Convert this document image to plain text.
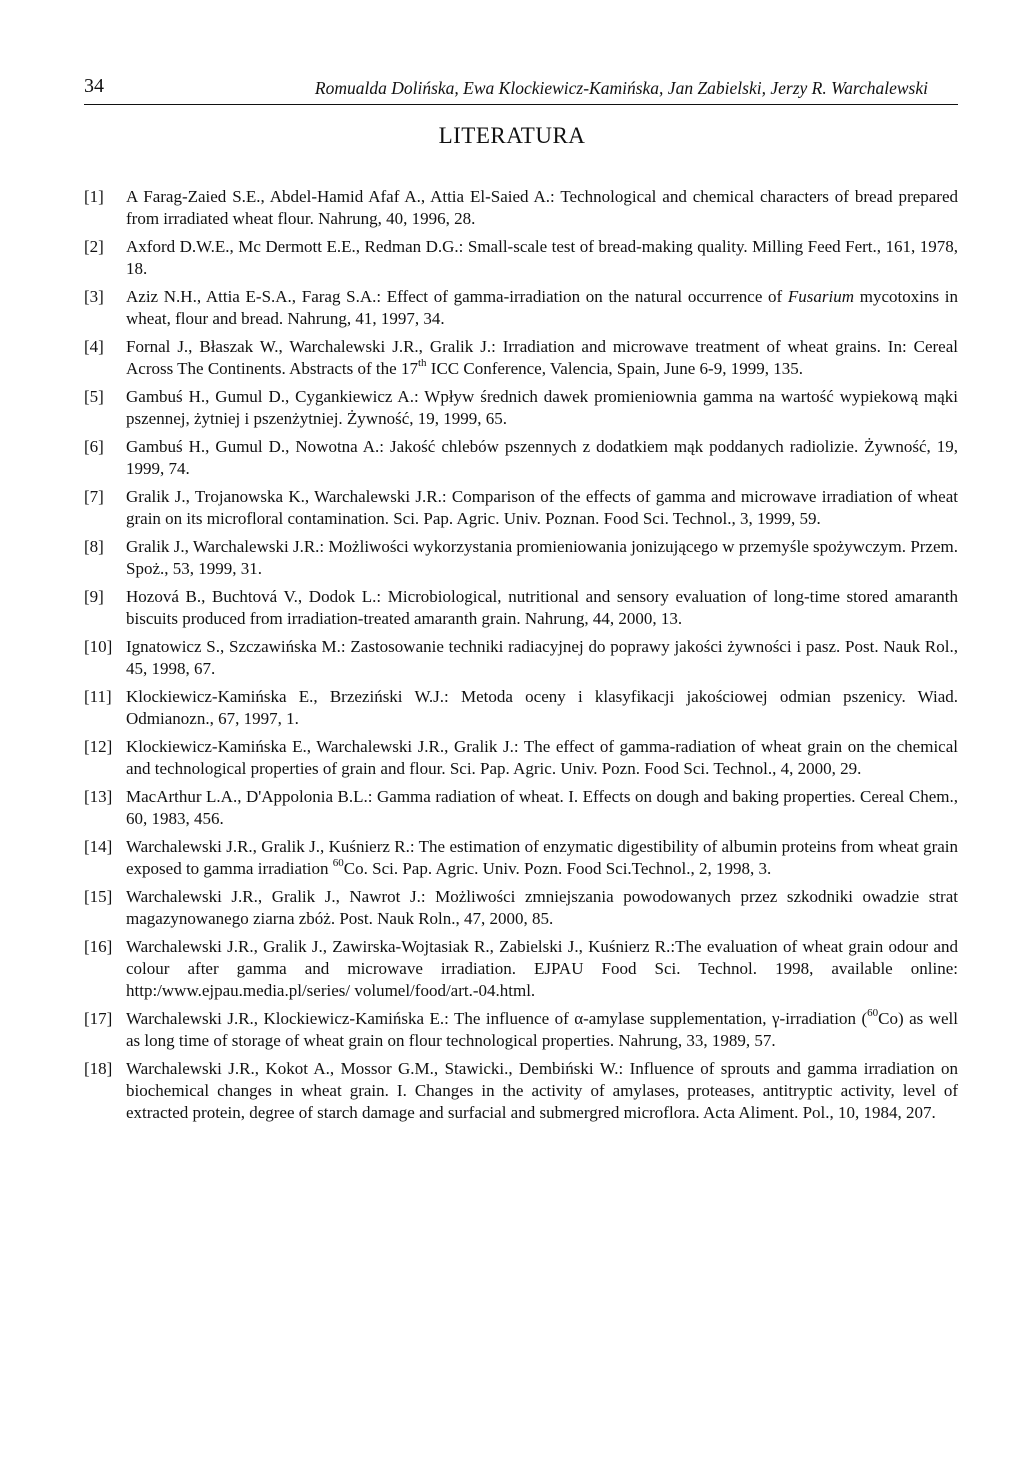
34	Romualda Dolińska, Ewa Klockiewicz-Kamińska, Jan Zabielski, Jerzy R. Warchalewski
LITERATURA
[1] A Farag-Zaied S.E., Abdel-Hamid Afaf A., Attia El-Saied A.: Technological and chemical characters of bread prepared from irradiated wheat flour. Nahrung, 40, 1996, 28.
[2] Axford D.W.E., Mc Dermott E.E., Redman D.G.: Small-scale test of bread-making quality. Milling Feed Fert., 161, 1978, 18.
[3] Aziz N.H., Attia E-S.A., Farag S.A.: Effect of gamma-irradiation on the natural occurrence of Fusarium mycotoxins in wheat, flour and bread. Nahrung, 41, 1997, 34.
[4] Fornal J., Błaszak W., Warchalewski J.R., Gralik J.: Irradiation and microwave treatment of wheat grains. In: Cereal Across The Continents. Abstracts of the 17th ICC Conference, Valencia, Spain, June 6-9, 1999, 135.
[5] Gambuś H., Gumul D., Cygankiewicz A.: Wpływ średnich dawek promieniownia gamma na wartość wypiekową mąki pszennej, żytniej i pszenżytniej. Żywność, 19, 1999, 65.
[6] Gambuś H., Gumul D., Nowotna A.: Jakość chlebów pszennych z dodatkiem mąk poddanych radiolizie. Żywność, 19, 1999, 74.
[7] Gralik J., Trojanowska K., Warchalewski J.R.: Comparison of the effects of gamma and microwave irradiation of wheat grain on its microfloral contamination. Sci. Pap. Agric. Univ. Poznan. Food Sci. Technol., 3, 1999, 59.
[8] Gralik J., Warchalewski J.R.: Możliwości wykorzystania promieniowania jonizującego w przemyśle spożywczym. Przem. Spoż., 53, 1999, 31.
[9] Hozová B., Buchtová V., Dodok L.: Microbiological, nutritional and sensory evaluation of long-time stored amaranth biscuits produced from irradiation-treated amaranth grain. Nahrung, 44, 2000, 13.
[10] Ignatowicz S., Szczawińska M.: Zastosowanie techniki radiacyjnej do poprawy jakości żywności i pasz. Post. Nauk Rol., 45, 1998, 67.
[11] Klockiewicz-Kamińska E., Brzeziński W.J.: Metoda oceny i klasyfikacji jakościowej odmian pszenicy. Wiad. Odmianozn., 67, 1997, 1.
[12] Klockiewicz-Kamińska E., Warchalewski J.R., Gralik J.: The effect of gamma-radiation of wheat grain on the chemical and technological properties of grain and flour. Sci. Pap. Agric. Univ. Pozn. Food Sci. Technol., 4, 2000, 29.
[13] MacArthur L.A., D'Appolonia B.L.: Gamma radiation of wheat. I. Effects on dough and baking properties. Cereal Chem., 60, 1983, 456.
[14] Warchalewski J.R., Gralik J., Kuśnierz R.: The estimation of enzymatic digestibility of albumin proteins from wheat grain exposed to gamma irradiation $^{60}$Co. Sci. Pap. Agric. Univ. Pozn. Food Sci.Technol., 2, 1998, 3.
[15] Warchalewski J.R., Gralik J., Nawrot J.: Możliwości zmniejszania powodowanych przez szkodniki owadzie strat magazynowanego ziarna zbóż. Post. Nauk Roln., 47, 2000, 85.
[16] Warchalewski J.R., Gralik J., Zawirska-Wojtasiak R., Zabielski J., Kuśnierz R.:The evaluation of wheat grain odour and colour after gamma and microwave irradiation. EJPAU Food Sci. Technol. 1998, available online: http:/www.ejpau.media.pl/series/ volumel/food/art.-04.html.
[17] Warchalewski J.R., Klockiewicz-Kamińska E.: The influence of α-amylase supplementation, γ-irradiation ($^{60}$Co) as well as long time of storage of wheat grain on flour technological properties. Nahrung, 33, 1989, 57.
[18] Warchalewski J.R., Kokot A., Mossor G.M., Stawicki., Dembiński W.: Influence of sprouts and gamma irradiation on biochemical changes in wheat grain. I. Changes in the activity of amylases, proteases, antitryptic activity, level of extracted protein, degree of starch damage and surfacial and submergred microflora. Acta Aliment. Pol., 10, 1984, 207.
